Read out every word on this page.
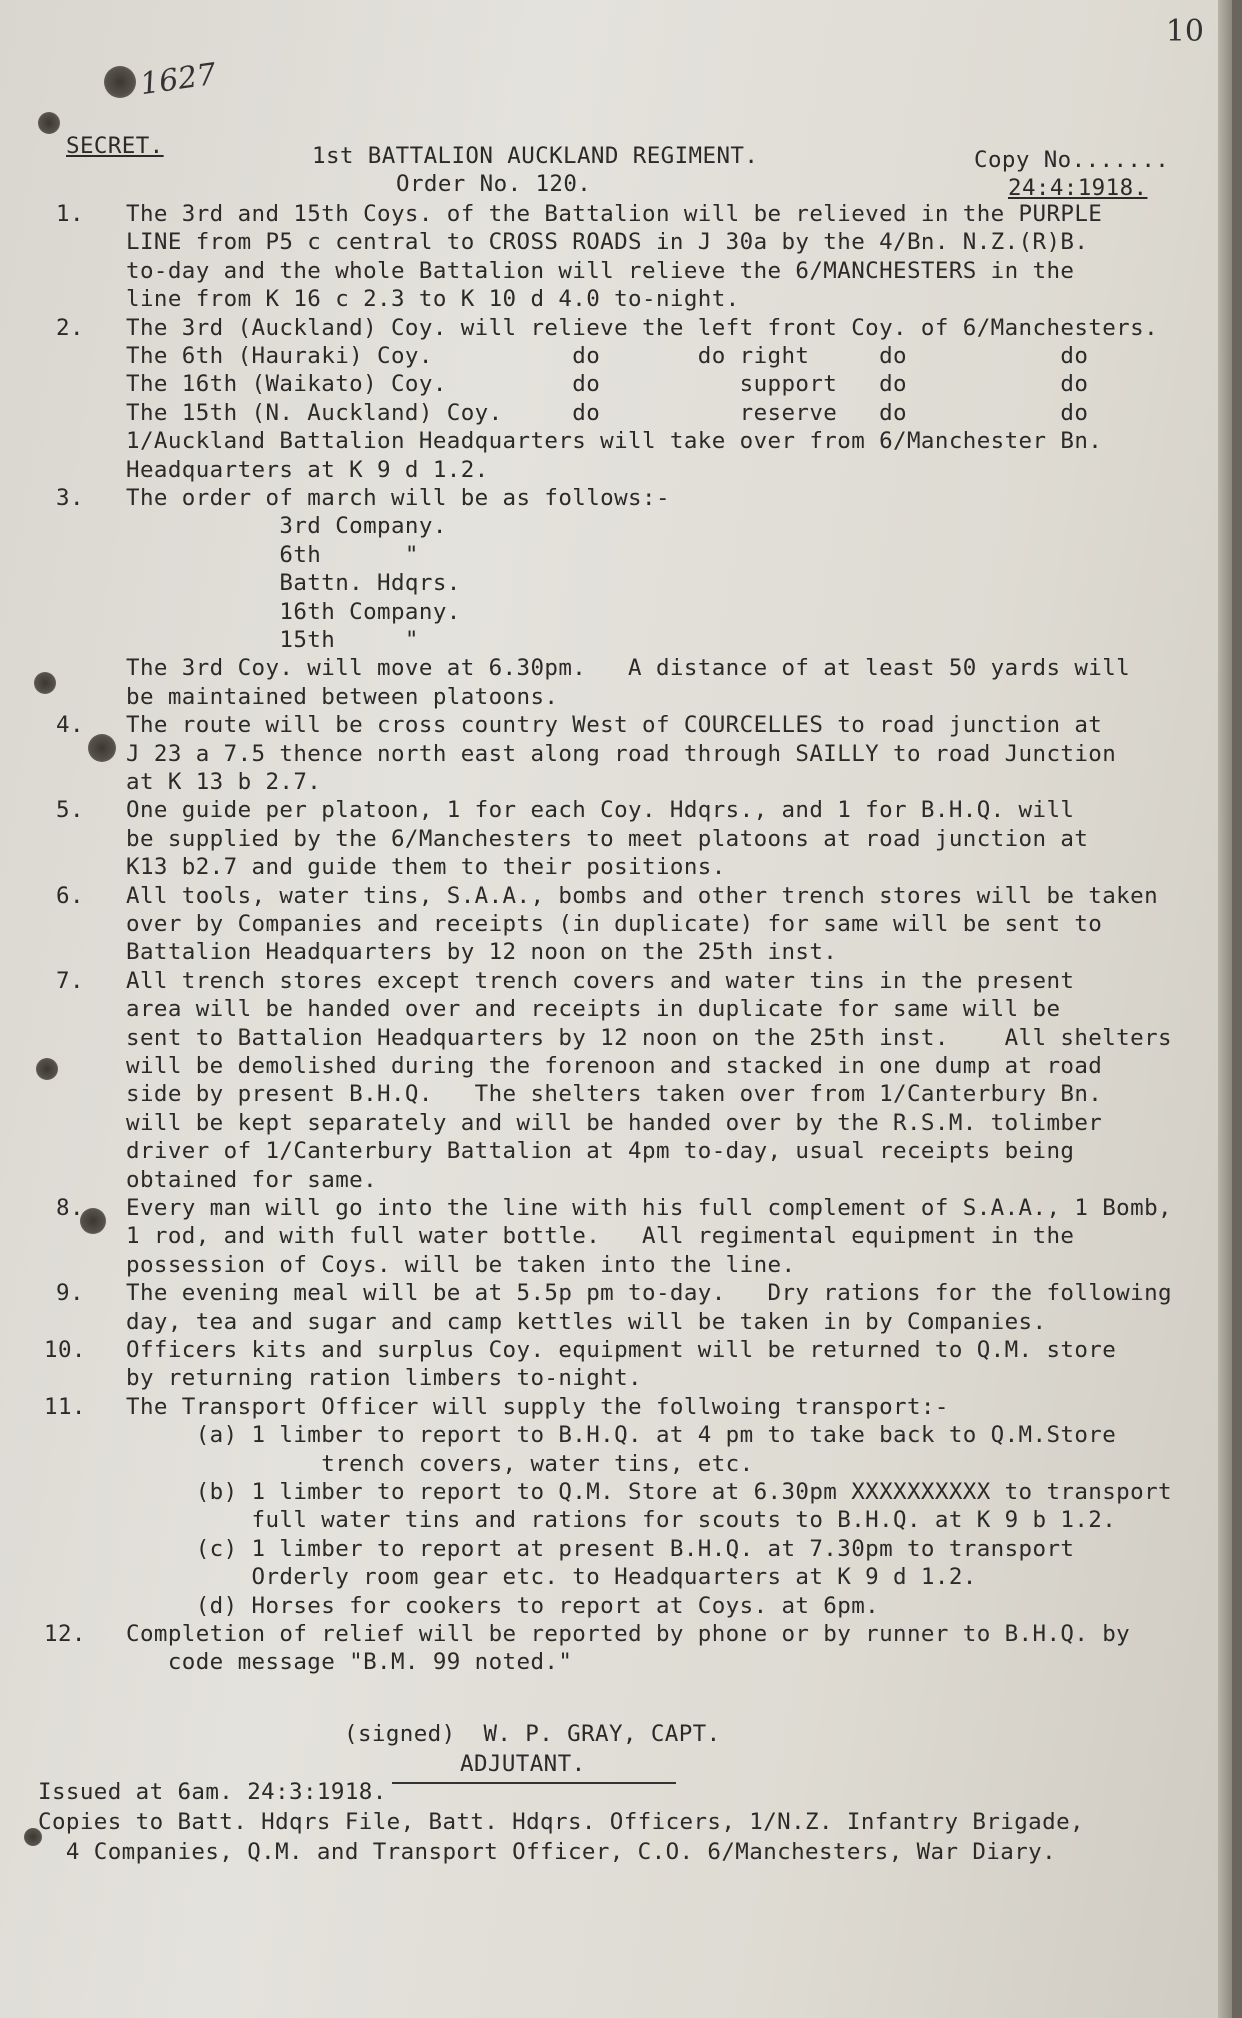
10
1627
SECRET.	1st BATTALION AUCKLAND REGIMENT.
Order No. 120.
Copy No.......
24:4:1918.
1. The 3rd and 15th Coys. of the Battalion will be relieved in the PURPLE
LINE from P5 c central to CROSS ROADS in J 30a by the 4/Bn. N.Z.(R)B.
to-day and the whole Battalion will relieve the 6/MANCHESTERS in the
line from K 16 c 2.3 to K 10 d 4.0 to-night.
2. The 3rd (Auckland) Coy. will relieve the left front Coy. of 6/Manchesters.
The 6th (Hauraki) Coy.          do       do right     do           do
The 16th (Waikato) Coy.         do          support   do           do
The 15th (N. Auckland) Coy.     do          reserve   do           do
1/Auckland Battalion Headquarters will take over from 6/Manchester Bn.
Headquarters at K 9 d 1.2.
3. The order of march will be as follows:-
3rd Company.
6th      "
Battn. Hdqrs.
16th Company.
15th     "
The 3rd Coy. will move at 6.30pm.   A distance of at least 50 yards will
be maintained between platoons.
4. The route will be cross country West of COURCELLES to road junction at
J 23 a 7.5 thence north east along road through SAILLY to road Junction
at K 13 b 2.7.
5. One guide per platoon, 1 for each Coy. Hdqrs., and 1 for B.H.Q. will
be supplied by the 6/Manchesters to meet platoons at road junction at
K13 b2.7 and guide them to their positions.
6. All tools, water tins, S.A.A., bombs and other trench stores will be taken
over by Companies and receipts (in duplicate) for same will be sent to
Battalion Headquarters by 12 noon on the 25th inst.
7. All trench stores except trench covers and water tins in the present
area will be handed over and receipts in duplicate for same will be
sent to Battalion Headquarters by 12 noon on the 25th inst.    All shelters
will be demolished during the forenoon and stacked in one dump at road
side by present B.H.Q.   The shelters taken over from 1/Canterbury Bn.
will be kept separately and will be handed over by the R.S.M. tolimber
driver of 1/Canterbury Battalion at 4pm to-day, usual receipts being
obtained for same.
8. Every man will go into the line with his full complement of S.A.A., 1 Bomb,
1 rod, and with full water bottle.   All regimental equipment in the
possession of Coys. will be taken into the line.
9. The evening meal will be at 5.5p pm to-day.   Dry rations for the following
day, tea and sugar and camp kettles will be taken in by Companies.
10. Officers kits and surplus Coy. equipment will be returned to Q.M. store
by returning ration limbers to-night.
11. The Transport Officer will supply the follwoing transport:-
(a) 1 limber to report to B.H.Q. at 4 pm to take back to Q.M.Store
trench covers, water tins, etc.
(b) 1 limber to report to Q.M. Store at 6.30pm XXXXXXXXXX to transport
full water tins and rations for scouts to B.H.Q. at K 9 b 1.2.
(c) 1 limber to report at present B.H.Q. at 7.30pm to transport
Orderly room gear etc. to Headquarters at K 9 d 1.2.
(d) Horses for cookers to report at Coys. at 6pm.
12. Completion of relief will be reported by phone or by runner to B.H.Q. by
code message "B.M. 99 noted."
(signed)  W. P. GRAY, CAPT.
ADJUTANT.
Issued at 6am. 24:3:1918.
Copies to Batt. Hdqrs File, Batt. Hdqrs. Officers, 1/N.Z. Infantry Brigade,
4 Companies, Q.M. and Transport Officer, C.O. 6/Manchesters, War Diary.
